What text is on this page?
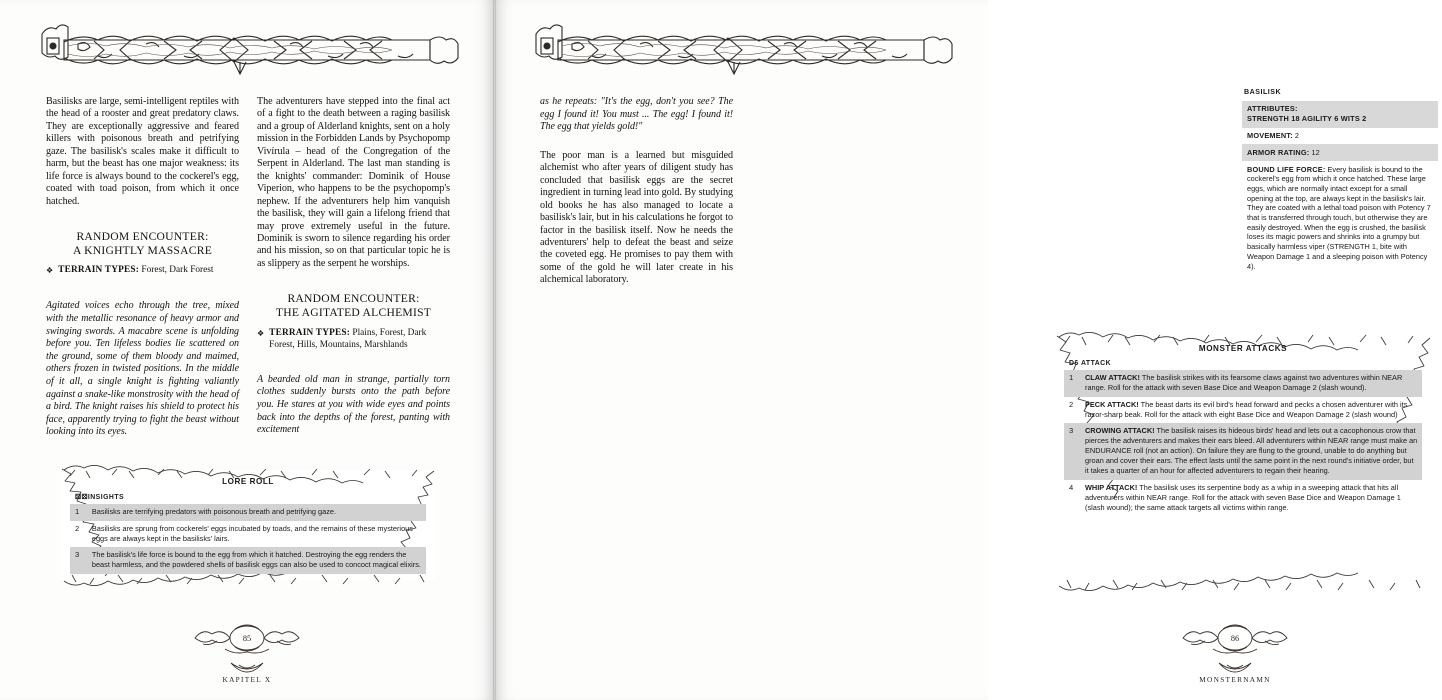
Basilisks are large, semi-intelligent reptiles with the head of a rooster and great predatory claws. They are exceptionally aggressive and feared killers with poisonous breath and petrifying gaze. The basilisk's scales make it difficult to harm, but the beast has one major weakness: its life force is always bound to the cockerel's egg, coated with toad poison, from which it once hatched.

RANDOM ENCOUNTER:
A KNIGHTLY MASSACRE
❖ TERRAIN TYPES: Forest, Dark Forest

Agitated voices echo through the tree, mixed with the metallic resonance of heavy armor and swinging swords. A macabre scene is unfolding before you. Ten lifeless bodies lie scattered on the ground, some of them bloody and maimed, others frozen in twisted positions. In the middle of it all, a single knight is fighting valiantly against a snake-like monstrosity with the head of a bird. The knight raises his shield to protect his face, apparently trying to fight the beast without looking into its eyes.

The adventurers have stepped into the final act of a fight to the death between a raging basilisk and a group of Alderland knights, sent on a holy mission in the Forbidden Lands by Psychopomp Vivírula – head of the Congregation of the Serpent in Alderland. The last man standing is the knights' commander: Dominik of House Viperion, who happens to be the psychopomp's nephew. If the adventurers help him vanquish the basilisk, they will gain a lifelong friend that may prove extremely useful in the future. Dominik is sworn to silence regarding his order and his mission, so on that particular topic he is as slippery as the serpent he worships.

RANDOM ENCOUNTER:
THE AGITATED ALCHEMIST
❖ TERRAIN TYPES: Plains, Forest, Dark Forest, Hills, Mountains, Marshlands

A bearded old man in strange, partially torn clothes suddenly bursts onto the path before you. He stares at you with wide eyes and points back into the depths of the forest, panting with excitement

LORE ROLL
⚄⚄	INSIGHTS
1	Basilisks are terrifying predators with poisonous breath and petrifying gaze.
2	Basilisks are sprung from cockerels' eggs incubated by toads, and the remains of these mysterious eggs are always kept in the basilisks' lairs.
3	The basilisk's life force is bound to the egg from which it hatched. Destroying the egg renders the beast harmless, and the powdered shells of basilisk eggs can also be used to concoct magical elixirs.
85
KAPITEL X

as he repeats: "It's the egg, don't you see? The egg I found it! You must ... The egg! I found it! The egg that yields gold!"

The poor man is a learned but misguided alchemist who after years of diligent study has concluded that basilisk eggs are the secret ingredient in turning lead into gold. By studying old books he has also managed to locate a basilisk's lair, but in his calculations he forgot to factor in the basilisk itself. Now he needs the adventurers' help to defeat the beast and seize the coveted egg. He promises to pay them with some of the gold he will later create in his alchemical laboratory.

BASILISK
ATTRIBUTES:
STRENGTH 18 AGILITY 6 WITS 2
MOVEMENT: 2
ARMOR RATING: 12
BOUND LIFE FORCE: Every basilisk is bound to the cockerel's egg from which it once hatched. These large eggs, which are normally intact except for a small opening at the top, are always kept in the basilisk's lair. They are coated with a lethal toad poison with Potency 7 that is transferred through touch, but otherwise they are easily destroyed. When the egg is crushed, the basilisk loses its magic powers and shrinks into a grumpy but basically harmless viper (STRENGTH 1, bite with Weapon Damage 1 and a sleeping poison with Potency 4).
MONSTER ATTACKS
D6	ATTACK
1	CLAW ATTACK! The basilisk strikes with its fearsome claws against two adventures within NEAR range. Roll for the attack with seven Base Dice and Weapon Damage 2 (slash wound).
2	PECK ATTACK! The beast darts its evil bird's head forward and pecks a chosen adventurer with its razor-sharp beak. Roll for the attack with eight Base Dice and Weapon Damage 2 (slash wound)
3	CROWING ATTACK! The basilisk raises its hideous birds' head and lets out a cacophonous crow that pierces the adventurers and makes their ears bleed. All adventurers within NEAR range must make an ENDURANCE roll (not an action). On failure they are flung to the ground, unable to do anything but groan and cover their ears. The effect lasts until the same point in the next round's initiative order, but it takes a quarter of an hour for affected adventurers to regain their hearing.
4	WHIP ATTACK! The basilisk uses its serpentine body as a whip in a sweeping attack that hits all adventurers within NEAR range. Roll for the attack with seven Base Dice and Weapon Damage 1 (slash wound); the same attack targets all victims within range.
86
MONSTERNAMN
